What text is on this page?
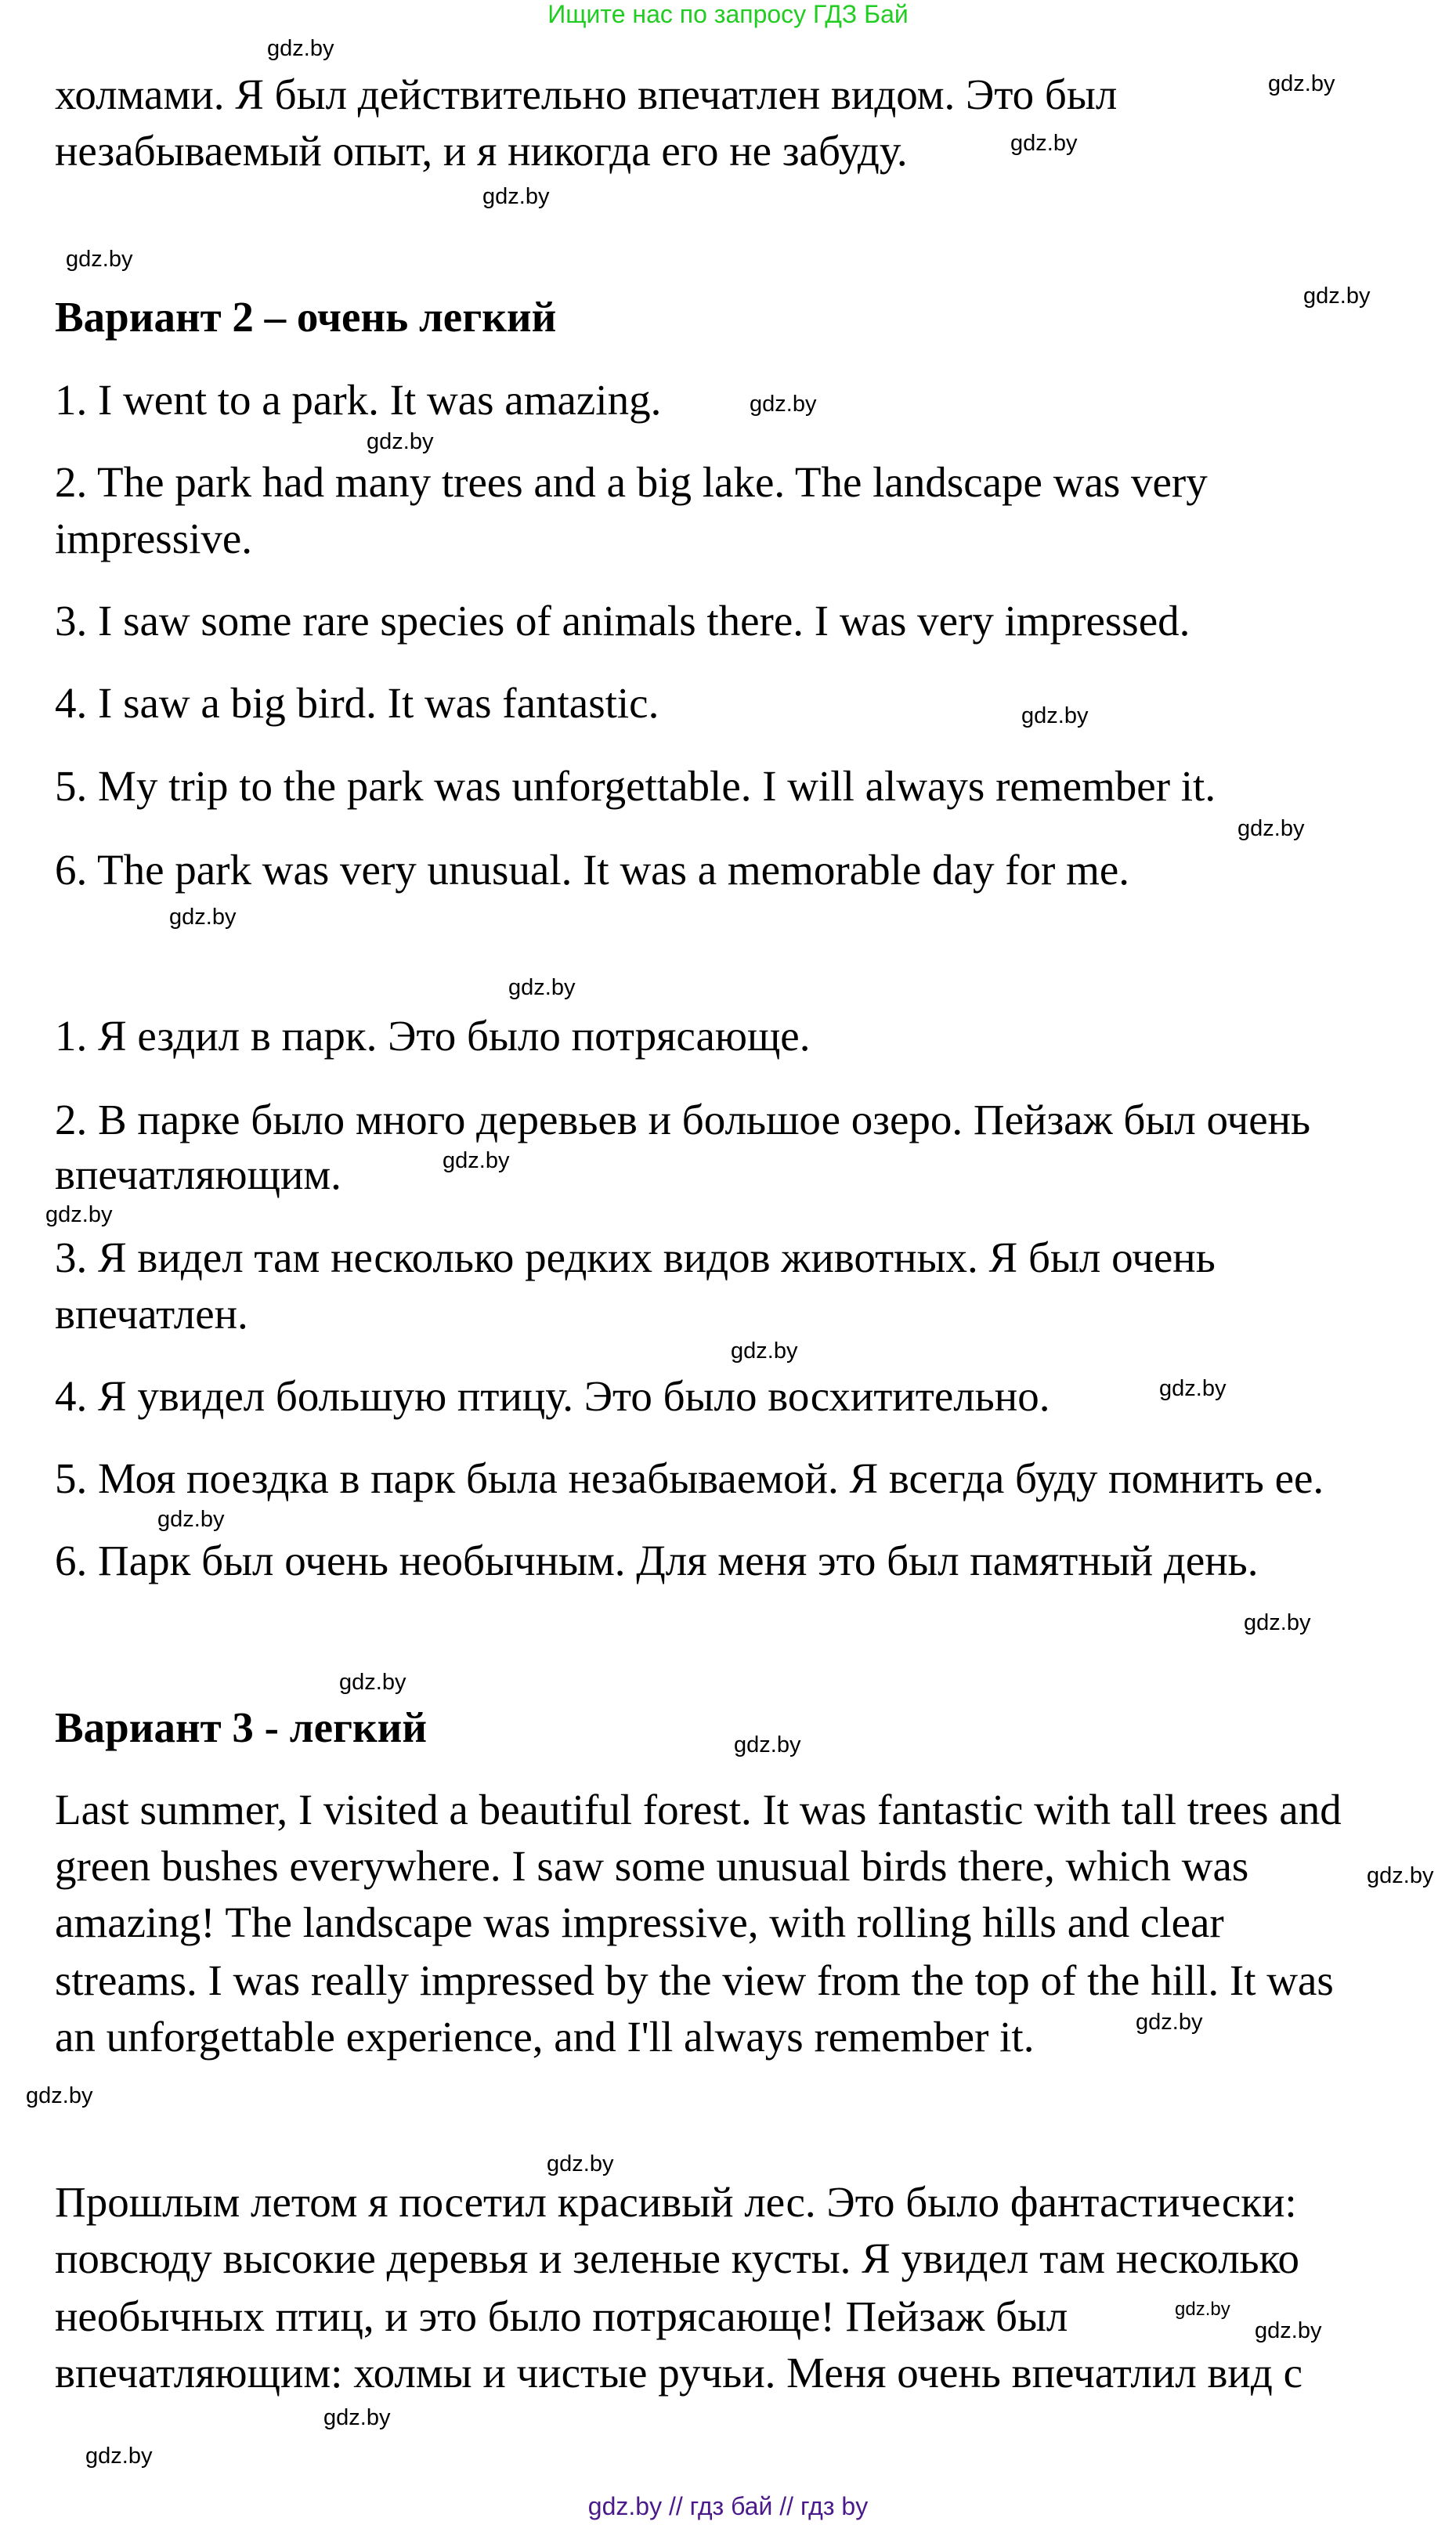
Ищите нас по запросу ГДЗ Бай
холмами. Я был действительно впечатлен видом. Это был
незабываемый опыт, и я никогда его не забуду.
Вариант 2 – очень легкий
1. I went to a park. It was amazing.
2. The park had many trees and a big lake. The landscape was very
impressive.
3. I saw some rare species of animals there. I was very impressed.
4. I saw a big bird. It was fantastic.
5. My trip to the park was unforgettable. I will always remember it.
6. The park was very unusual. It was a memorable day for me.
1. Я ездил в парк. Это было потрясающе.
2. В парке было много деревьев и большое озеро. Пейзаж был очень
впечатляющим.
3. Я видел там несколько редких видов животных. Я был очень
впечатлен.
4. Я увидел большую птицу. Это было восхитительно.
5. Моя поездка в парк была незабываемой. Я всегда буду помнить ее.
6. Парк был очень необычным. Для меня это был памятный день.
Вариант 3 - легкий
Last summer, I visited a beautiful forest. It was fantastic with tall trees and
green bushes everywhere. I saw some unusual birds there, which was
amazing! The landscape was impressive, with rolling hills and clear
streams. I was really impressed by the view from the top of the hill. It was
an unforgettable experience, and I'll always remember it.
Прошлым летом я посетил красивый лес. Это было фантастически:
повсюду высокие деревья и зеленые кусты. Я увидел там несколько
необычных птиц, и это было потрясающе! Пейзаж был
впечатляющим: холмы и чистые ручьи. Меня очень впечатлил вид с
gdz.by
gdz.by
gdz.by
gdz.by
gdz.by
gdz.by
gdz.by
gdz.by
gdz.by
gdz.by
gdz.by
gdz.by
gdz.by
gdz.by
gdz.by
gdz.by
gdz.by
gdz.by
gdz.by
gdz.by
gdz.by
gdz.by
gdz.by
gdz.by
gdz.by
gdz.by
gdz.by
gdz.by
gdz.by // гдз бай // гдз by
